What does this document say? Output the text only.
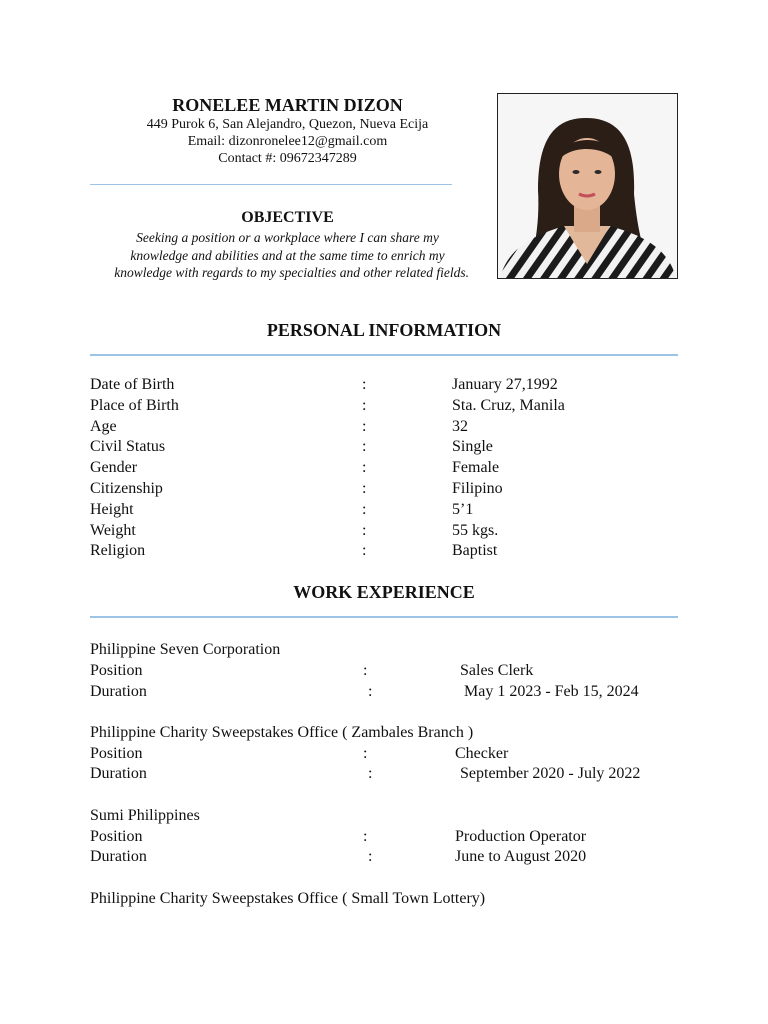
RONELEE MARTIN DIZON
449 Purok 6, San Alejandro, Quezon, Nueva Ecija
Email: dizonronelee12@gmail.com
Contact #: 09672347289
OBJECTIVE
Seeking a position or a workplace where I can share my knowledge and abilities and at the same time to enrich my knowledge with regards to my specialties and other related fields.
PERSONAL INFORMATION
Date of Birth	:	January 27,1992
Place of Birth	:	Sta. Cruz, Manila
Age	:	32
Civil Status	:	Single
Gender	:	Female
Citizenship	:	Filipino
Height	:	5’1
Weight	:	55 kgs.
Religion	:	Baptist
WORK EXPERIENCE
Philippine Seven Corporation
Position	:	Sales Clerk
Duration	:	May 1 2023 - Feb 15, 2024
Philippine Charity Sweepstakes Office ( Zambales Branch )
Position	:	Checker
Duration	:	September 2020 - July 2022
Sumi Philippines
Position	:	Production Operator
Duration	:	June to August 2020
Philippine Charity Sweepstakes Office ( Small Town Lottery)
